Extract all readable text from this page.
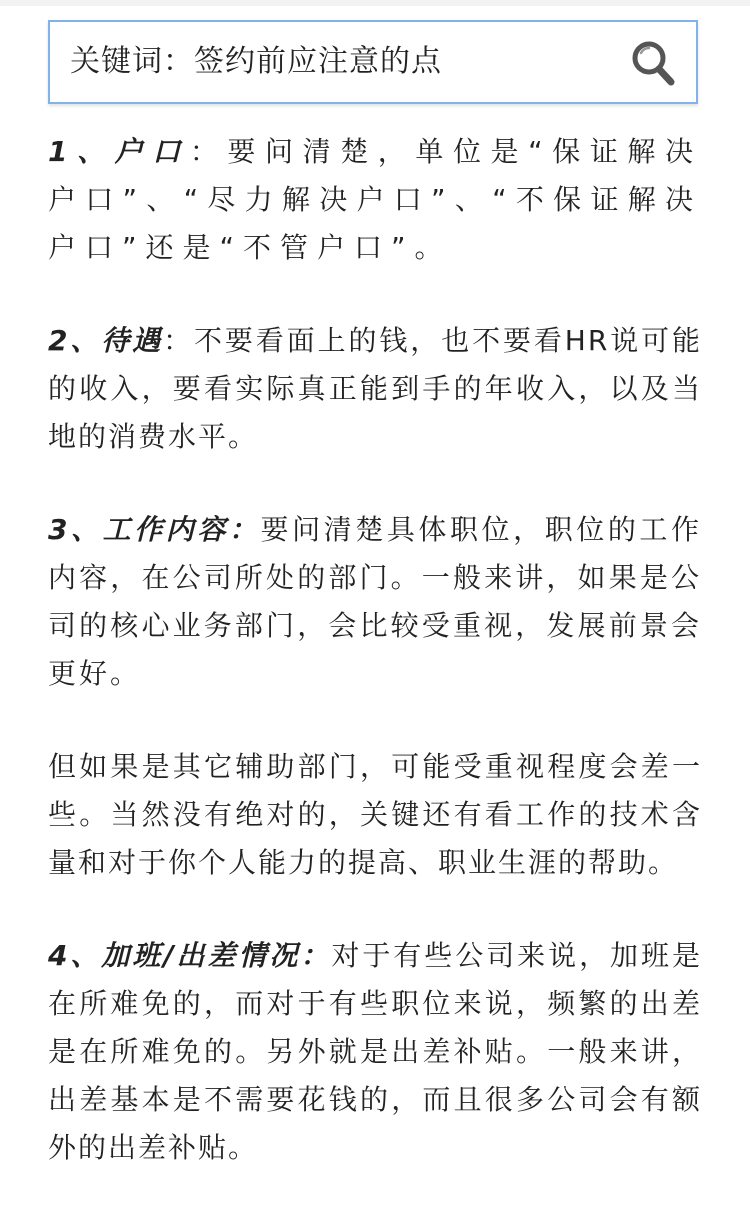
关键词：签约前应注意的点

1、户口：要问清楚，单位是“保证解决户口”、“尽力解决户口”、“不保证解决户口”还是“不管户口”。

2、待遇：不要看面上的钱，也不要看HR说可能的收入，要看实际真正能到手的年收入，以及当地的消费水平。

3、工作内容：要问清楚具体职位，职位的工作内容，在公司所处的部门。一般来讲，如果是公司的核心业务部门，会比较受重视，发展前景会更好。

但如果是其它辅助部门，可能受重视程度会差一些。当然没有绝对的，关键还有看工作的技术含量和对于你个人能力的提高、职业生涯的帮助。

4、加班/出差情况：对于有些公司来说，加班是在所难免的，而对于有些职位来说，频繁的出差是在所难免的。另外就是出差补贴。一般来讲，出差基本是不需要花钱的，而且很多公司会有额外的出差补贴。
